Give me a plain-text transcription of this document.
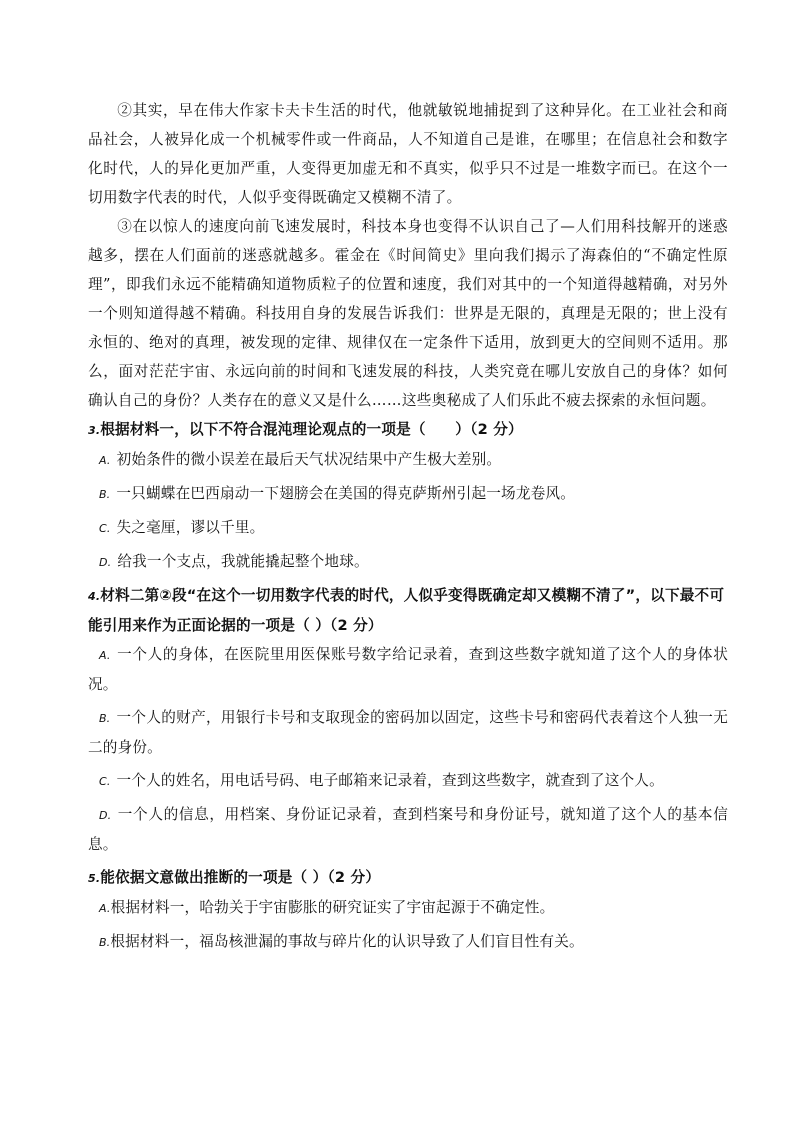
②其实，早在伟大作家卡夫卡生活的时代，他就敏锐地捕捉到了这种异化。在工业社会和商品社会，人被异化成一个机械零件或一件商品，人不知道自己是谁，在哪里；在信息社会和数字化时代，人的异化更加严重，人变得更加虚无和不真实，似乎只不过是一堆数字而已。在这个一切用数字代表的时代，人似乎变得既确定又模糊不清了。

③在以惊人的速度向前飞速发展时，科技本身也变得不认识自己了—人们用科技解开的迷惑越多，摆在人们面前的迷惑就越多。霍金在《时间简史》里向我们揭示了海森伯的“不确定性原理”，即我们永远不能精确知道物质粒子的位置和速度，我们对其中的一个知道得越精确，对另外一个则知道得越不精确。科技用自身的发展告诉我们：世界是无限的，真理是无限的；世上没有永恒的、绝对的真理，被发现的定律、规律仅在一定条件下适用，放到更大的空间则不适用。那么，面对茫茫宇宙、永远向前的时间和飞速发展的科技，人类究竟在哪儿安放自己的身体？如何确认自己的身份？人类存在的意义又是什么……这些奥秘成了人们乐此不疲去探索的永恒问题。

3.根据材料一，以下不符合混沌理论观点的一项是（　　）（2 分）

A. 初始条件的微小误差在最后天气状况结果中产生极大差别。

B. 一只蝴蝶在巴西扇动一下翅膀会在美国的得克萨斯州引起一场龙卷风。

C. 失之毫厘，谬以千里。

D. 给我一个支点，我就能撬起整个地球。

4.材料二第②段“在这个一切用数字代表的时代，人似乎变得既确定却又模糊不清了”，以下最不可能引用来作为正面论据的一项是（ ）（2 分）

A. 一个人的身体，在医院里用医保账号数字给记录着，查到这些数字就知道了这个人的身体状况。

B. 一个人的财产，用银行卡号和支取现金的密码加以固定，这些卡号和密码代表着这个人独一无二的身份。

C. 一个人的姓名，用电话号码、电子邮箱来记录着，查到这些数字，就查到了这个人。

D. 一个人的信息，用档案、身份证记录着，查到档案号和身份证号，就知道了这个人的基本信息。

5.能依据文意做出推断的一项是（ ）（2 分）

A.根据材料一，哈勃关于宇宙膨胀的研究证实了宇宙起源于不确定性。

B.根据材料一，福岛核泄漏的事故与碎片化的认识导致了人们盲目性有关。
